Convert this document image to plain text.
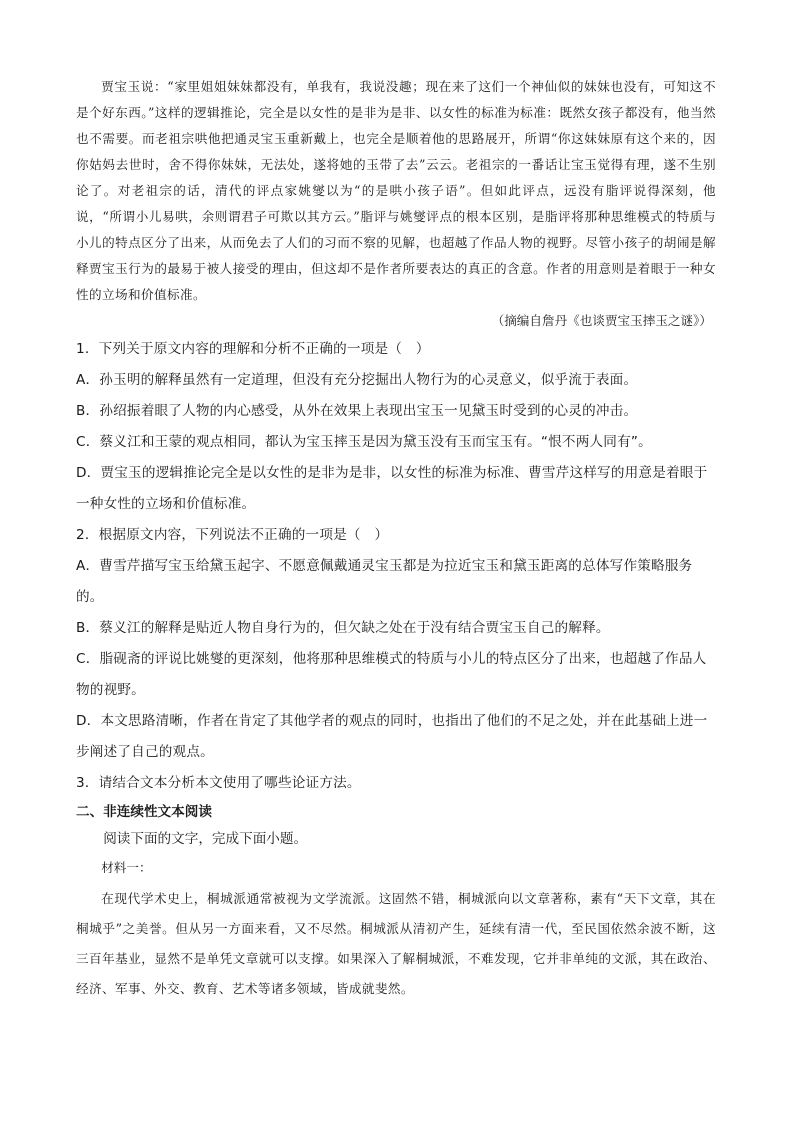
贾宝玉说：“家里姐姐妹妹都没有，单我有，我说没趣；现在来了这们一个神仙似的妹妹也没有，可知这不是个好东西。”这样的逻辑推论，完全是以女性的是非为是非、以女性的标准为标准：既然女孩子都没有，他当然也不需要。而老祖宗哄他把通灵宝玉重新戴上，也完全是顺着他的思路展开，所谓“你这妹妹原有这个来的，因你姑妈去世时，舍不得你妹妹，无法处，遂将她的玉带了去”云云。老祖宗的一番话让宝玉觉得有理，遂不生别论了。对老祖宗的话，清代的评点家姚燮以为“的是哄小孩子语”。但如此评点，远没有脂评说得深刻，他说，“所谓小儿易哄，余则谓君子可欺以其方云。”脂评与姚燮评点的根本区别，是脂评将那种思维模式的特质与小儿的特点区分了出来，从而免去了人们的习而不察的见解，也超越了作品人物的视野。尽管小孩子的胡闹是解释贾宝玉行为的最易于被人接受的理由，但这却不是作者所要表达的真正的含意。作者的用意则是着眼于一种女性的立场和价值标准。

（摘编自詹丹《也谈贾宝玉摔玉之谜》）

1．下列关于原文内容的理解和分析不正确的一项是（　）

A．孙玉明的解释虽然有一定道理，但没有充分挖掘出人物行为的心灵意义，似乎流于表面。

B．孙绍振着眼了人物的内心感受，从外在效果上表现出宝玉一见黛玉时受到的心灵的冲击。

C．蔡义江和王蒙的观点相同，都认为宝玉摔玉是因为黛玉没有玉而宝玉有。“恨不两人同有”。

D．贾宝玉的逻辑推论完全是以女性的是非为是非，以女性的标准为标准、曹雪芹这样写的用意是着眼于一种女性的立场和价值标准。

2．根据原文内容，下列说法不正确的一项是（　）

A．曹雪芹描写宝玉给黛玉起字、不愿意佩戴通灵宝玉都是为拉近宝玉和黛玉距离的总体写作策略服务的。

B．蔡义江的解释是贴近人物自身行为的，但欠缺之处在于没有结合贾宝玉自己的解释。

C．脂砚斋的评说比姚燮的更深刻，他将那种思维模式的特质与小儿的特点区分了出来，也超越了作品人物的视野。

D．本文思路清晰，作者在肯定了其他学者的观点的同时，也指出了他们的不足之处，并在此基础上进一步阐述了自己的观点。

3．请结合文本分析本文使用了哪些论证方法。

二、非连续性文本阅读

阅读下面的文字，完成下面小题。

材料一：

在现代学术史上，桐城派通常被视为文学流派。这固然不错，桐城派向以文章著称，素有“天下文章，其在桐城乎”之美誉。但从另一方面来看，又不尽然。桐城派从清初产生，延续有清一代，至民国依然余波不断，这三百年基业，显然不是单凭文章就可以支撑。如果深入了解桐城派，不难发现，它并非单纯的文派，其在政治、经济、军事、外交、教育、艺术等诸多领域，皆成就斐然。
